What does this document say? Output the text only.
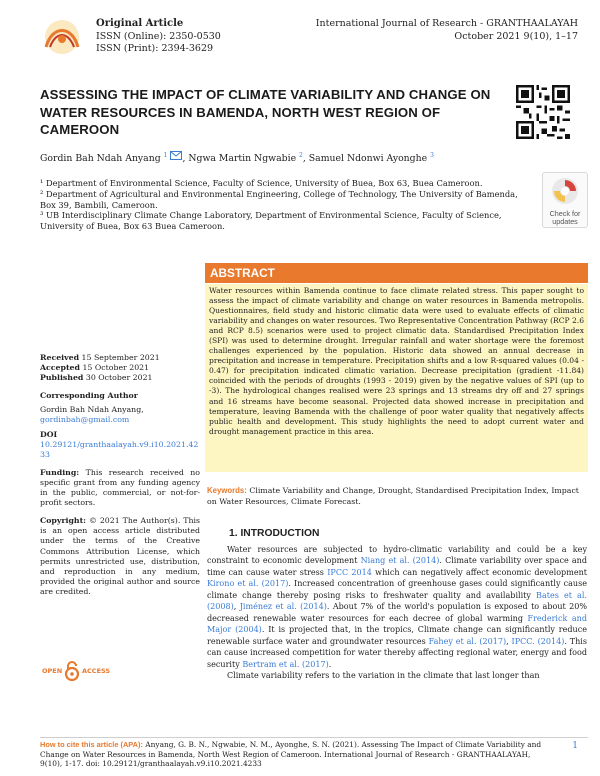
Original Article
ISSN (Online): 2350-0530
ISSN (Print): 2394-3629
International Journal of Research - GRANTHAALAYAH
October 2021 9(10), 1–17
ASSESSING THE IMPACT OF CLIMATE VARIABILITY AND CHANGE ON WATER RESOURCES IN BAMENDA, NORTH WEST REGION OF CAMEROON
Gordin Bah Ndah Anyang $^1$ , Ngwa Martin Ngwabie $^2$, Samuel Ndonwi Ayonghe $^3$

¹ Department of Environmental Science, Faculty of Science, University of Buea, Box 63, Buea Cameroon.

² Department of Agricultural and Environmental Engineering, College of Technology, The University of Bamenda, Box 39, Bambili, Cameroon.

³ UB Interdisciplinary Climate Change Laboratory, Department of Environmental Science, Faculty of Science, University of Buea, Box 63 Buea Cameroon.

Check for updates
Received 15 September 2021
Accepted 15 October 2021
Published 30 October 2021
Corresponding Author
Gordin Bah Ndah Anyang,
gordinbah@gmail.com
DOI
10.29121/granthaalayah.v9.i10.2021.4233
Funding: This research received no specific grant from any funding agency in the public, commercial, or not-for-profit sectors.
Copyright: © 2021 The Author(s). This is an open access article distributed under the terms of the Creative Commons Attribution License, which permits unrestricted use, distribution, and reproduction in any medium, provided the original author and source are credited.
OPEN	ACCESS
ABSTRACT
Water resources within Bamenda continue to face climate related stress. This paper sought to assess the impact of climate variability and change on water resources in Bamenda metropolis. Questionnaires, field study and historic climatic data were used to evaluate effects of climatic variability and changes on water resources. Two Representative Concentration Pathway (RCP 2.6 and RCP 8.5) scenarios were used to project climatic data. Standardised Precipitation Index (SPI) was used to determine drought. Irregular rainfall and water shortage were the foremost challenges experienced by the population. Historic data showed an annual decrease in precipitation and increase in temperature. Precipitation shifts and a low R-squared values (0.04 - 0.47) for precipitation indicated climatic variation. Decrease precipitation (gradient -11.84) coincided with the periods of droughts (1993 - 2019) given by the negative values of SPI (up to -3). The hydrological changes realised were 23 springs and 13 streams dry off and 27 springs and 16 streams have become seasonal. Projected data showed increase in precipitation and temperature, leaving Bamenda with the challenge of poor water quality that negatively affects public health and development. This study highlights the need to adopt current water and drought management practice in this area.
Keywords: Climate Variability and Change, Drought, Standardised Precipitation Index, Impact on Water Resources, Climate Forecast.
1. INTRODUCTION

Water resources are subjected to hydro-climatic variability and could be a key constraint to economic development Niang et al. (2014). Climate variability over space and time can cause water stress IPCC 2014 which can negatively affect economic development Kirono et al. (2017). Increased concentration of greenhouse gases could significantly cause climate change thereby posing risks to freshwater quality and availability Bates et al. (2008), Jiménez et al. (2014). About 7% of the world's population is exposed to about 20% decreased renewable water resources for each decree of global warming Frederick and Major (2004). It is projected that, in the tropics, Climate change can significantly reduce renewable surface water and groundwater resources Fahey et al. (2017), IPCC. (2014). This can cause increased competition for water thereby affecting regional water, energy and food security Bertram et al. (2017).

Climate variability refers to the variation in the climate that last longer than

How to cite this article (APA): Anyang, G. B. N., Ngwabie, N. M., Ayonghe, S. N. (2021). Assessing The Impact of Climate Variability and Change on Water Resources in Bamenda, North West Region of Cameroon. International Journal of Research - GRANTHAALAYAH, 9(10), 1-17. doi: 10.29121/granthaalayah.v9.i10.2021.4233
1
